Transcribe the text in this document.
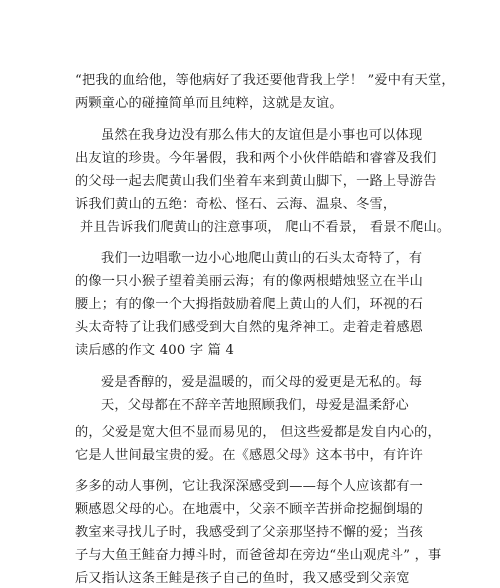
“把我的血给他，等他病好了我还要他背我上学！ ”爱中有天堂，
两颗童心的碰撞简单而且纯粹，这就是友谊。
虽然在我身边没有那么伟大的友谊但是小事也可以体现
出友谊的珍贵。今年暑假，我和两个小伙伴皓皓和睿睿及我们
的父母一起去爬黄山我们坐着车来到黄山脚下，一路上导游告
诉我们黄山的五绝：奇松、怪石、云海、温泉、冬雪，
并且告诉我们爬黄山的注意事项， 爬山不看景， 看景不爬山。
我们一边唱歌一边小心地爬山黄山的石头太奇特了，有
的像一只小猴子望着美丽云海；有的像两根蜡烛竖立在半山
腰上；有的像一个大拇指鼓励着爬上黄山的人们，环视的石
头太奇特了让我们感受到大自然的鬼斧神工。走着走着感恩
读后感的作文 400 字 篇 4
爱是香醇的，爱是温暖的，而父母的爱更是无私的。每
天，父母都在不辞辛苦地照顾我们，母爱是温柔舒心
的，父爱是宽大但不显而易见的， 但这些爱都是发自内心的，
它是人世间最宝贵的爱。在《感恩父母》这本书中，有许许
多多的动人事例，它让我深深感受到——每个人应该都有一
颗感恩父母的心。在地震中，父亲不顾辛苦拼命挖掘倒塌的
教室来寻找儿子时，我感受到了父亲那坚持不懈的爱；当孩
子与大鱼王鲑奋力搏斗时，而爸爸却在旁边“坐山观虎斗” ，事
后又指认这条王鲑是孩子自己的鱼时，我又感受到父亲宽
